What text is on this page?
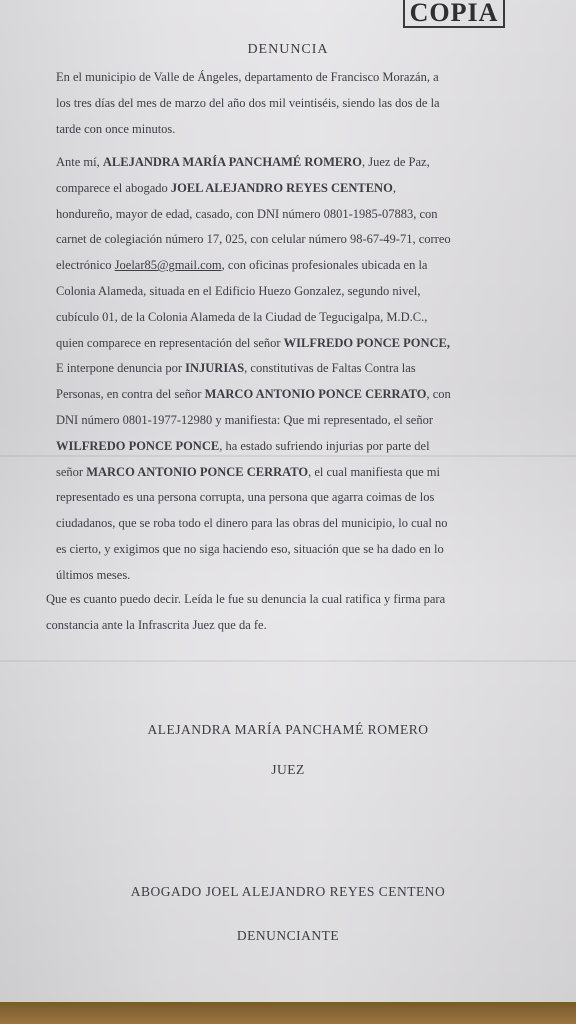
COPIA
DENUNCIA
En el municipio de Valle de Ángeles, departamento de Francisco Morazán, a
los tres días del mes de marzo del año dos mil veintiséis, siendo las dos de la
tarde con once minutos.
Ante mí, ALEJANDRA MARÍA PANCHAMÉ ROMERO, Juez de Paz,
comparece el abogado JOEL ALEJANDRO REYES CENTENO,
hondureño, mayor de edad, casado, con DNI número 0801-1985-07883, con
carnet de colegiación número 17, 025, con celular número 98-67-49-71, correo
electrónico Joelar85@gmail.com, con oficinas profesionales ubicada en la
Colonia Alameda, situada en el Edificio Huezo Gonzalez, segundo nivel,
cubículo 01, de la Colonia Alameda de la Ciudad de Tegucigalpa, M.D.C.,
quien comparece en representación del señor WILFREDO PONCE PONCE,
E interpone denuncia por INJURIAS, constitutivas de Faltas Contra las
Personas, en contra del señor MARCO ANTONIO PONCE CERRATO, con
DNI número 0801-1977-12980 y manifiesta: Que mi representado, el señor
WILFREDO PONCE PONCE, ha estado sufriendo injurias por parte del
señor MARCO ANTONIO PONCE CERRATO, el cual manifiesta que mi
representado es una persona corrupta, una persona que agarra coimas de los
ciudadanos, que se roba todo el dinero para las obras del municipio, lo cual no
es cierto, y exigimos que no siga haciendo eso, situación que se ha dado en lo
últimos meses.
Que es cuanto puedo decir. Leída le fue su denuncia la cual ratifica y firma para
constancia ante la Infrascrita Juez que da fe.
ALEJANDRA MARÍA PANCHAMÉ ROMERO
JUEZ
ABOGADO JOEL ALEJANDRO REYES CENTENO
DENUNCIANTE
